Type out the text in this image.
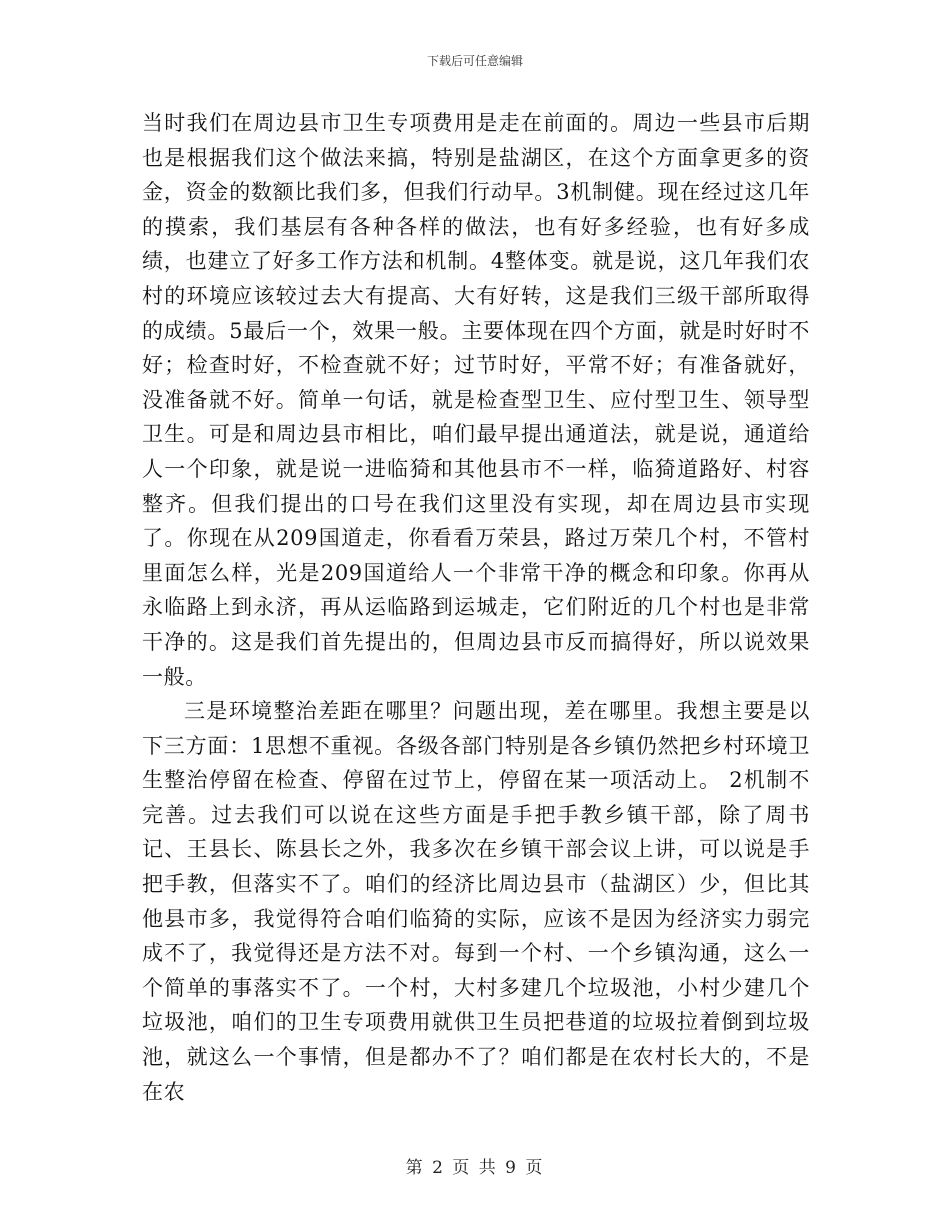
下载后可任意编辑

当时我们在周边县市卫生专项费用是走在前面的。周边一些县市后期也是根据我们这个做法来搞，特别是盐湖区，在这个方面拿更多的资金，资金的数额比我们多，但我们行动早。3机制健。现在经过这几年的摸索，我们基层有各种各样的做法，也有好多经验，也有好多成绩，也建立了好多工作方法和机制。4整体变。就是说，这几年我们农村的环境应该较过去大有提高、大有好转，这是我们三级干部所取得的成绩。5最后一个，效果一般。主要体现在四个方面，就是时好时不好；检查时好，不检查就不好；过节时好，平常不好；有准备就好，没准备就不好。简单一句话，就是检查型卫生、应付型卫生、领导型卫生。可是和周边县市相比，咱们最早提出通道法，就是说，通道给人一个印象，就是说一进临猗和其他县市不一样，临猗道路好、村容整齐。但我们提出的口号在我们这里没有实现，却在周边县市实现了。你现在从209国道走，你看看万荣县，路过万荣几个村，不管村里面怎么样，光是209国道给人一个非常干净的概念和印象。你再从永临路上到永济，再从运临路到运城走，它们附近的几个村也是非常干净的。这是我们首先提出的，但周边县市反而搞得好，所以说效果一般。

三是环境整治差距在哪里？问题出现，差在哪里。我想主要是以下三方面：1思想不重视。各级各部门特别是各乡镇仍然把乡村环境卫生整治停留在检查、停留在过节上，停留在某一项活动上。 2机制不完善。过去我们可以说在这些方面是手把手教乡镇干部，除了周书记、王县长、陈县长之外，我多次在乡镇干部会议上讲，可以说是手把手教，但落实不了。咱们的经济比周边县市（盐湖区）少，但比其他县市多，我觉得符合咱们临猗的实际，应该不是因为经济实力弱完成不了，我觉得还是方法不对。每到一个村、一个乡镇沟通，这么一个简单的事落实不了。一个村，大村多建几个垃圾池，小村少建几个垃圾池，咱们的卫生专项费用就供卫生员把巷道的垃圾拉着倒到垃圾池，就这么一个事情，但是都办不了？咱们都是在农村长大的，不是在农

第 2 页 共 9 页
